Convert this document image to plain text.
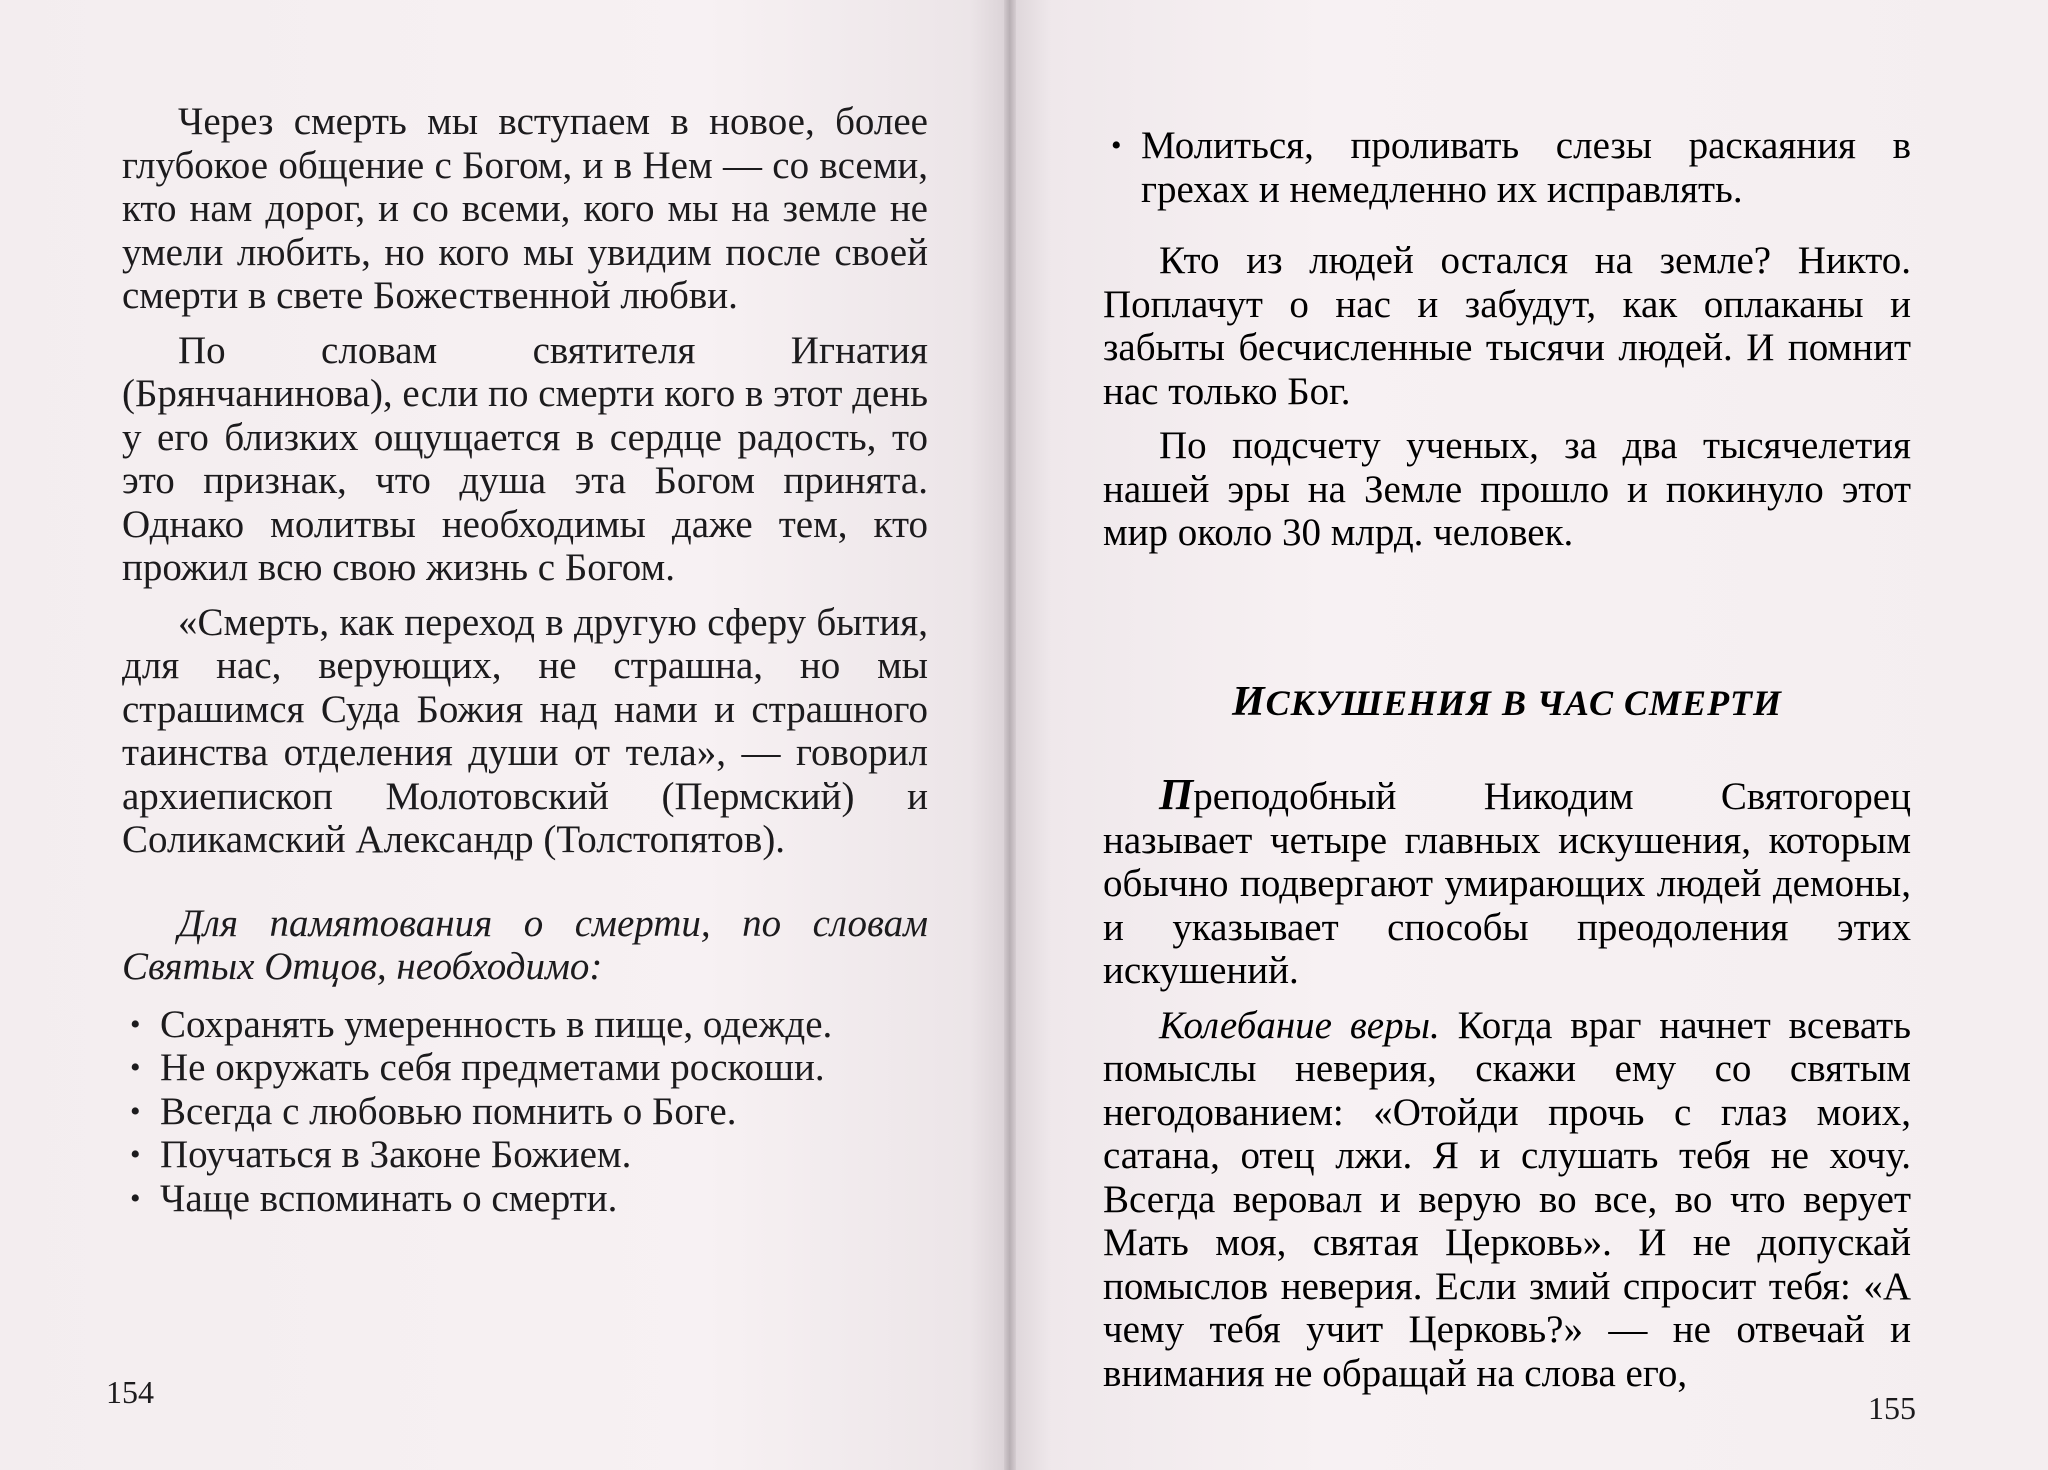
Через смерть мы вступаем в новое, более глубокое общение с Богом, и в Нем — со всеми, кто нам дорог, и со всеми, кого мы на земле не умели любить, но кого мы увидим после своей смерти в свете Божественной любви.

По словам святителя Игнатия (Брянчанинова), если по смерти кого в этот день у его близких ощущается в сердце радость, то это признак, что душа эта Богом принята. Однако молитвы необходимы даже тем, кто прожил всю свою жизнь с Богом.

«Смерть, как переход в другую сферу бытия, для нас, верующих, не страшна, но мы страшимся Суда Божия над нами и страшного таинства отделения души от тела», — говорил архиепископ Молотовский (Пермский) и Соликамский Александр (Толстопятов).

Для памятования о смерти, по словам Святых Отцов, необходимо:

• Сохранять умеренность в пище, одежде.
• Не окружать себя предметами роскоши.
• Всегда с любовью помнить о Боге.
• Поучаться в Законе Божием.
• Чаще вспоминать о смерти.
154
• Молиться, проливать слезы раскаяния в грехах и немедленно их исправлять.

Кто из людей остался на земле? Никто. Поплачут о нас и забудут, как оплаканы и забыты бесчисленные тысячи людей. И помнит нас только Бог.

По подсчету ученых, за два тысячелетия нашей эры на Земле прошло и покинуло этот мир около 30 млрд. человек.

ИСКУШЕНИЯ В ЧАС СМЕРТИ

Преподобный Никодим Святогорец называет четыре главных искушения, которым обычно подвергают умирающих людей демоны, и указывает способы преодоления этих искушений.

Колебание веры. Когда враг начнет всевать помыслы неверия, скажи ему со святым негодованием: «Отойди прочь с глаз моих, сатана, отец лжи. Я и слушать тебя не хочу. Всегда веровал и верую во все, во что верует Мать моя, святая Церковь». И не допускай помыслов неверия. Если змий спросит тебя: «А чему тебя учит Церковь?» — не отвечай и внимания не обращай на слова его,

155
